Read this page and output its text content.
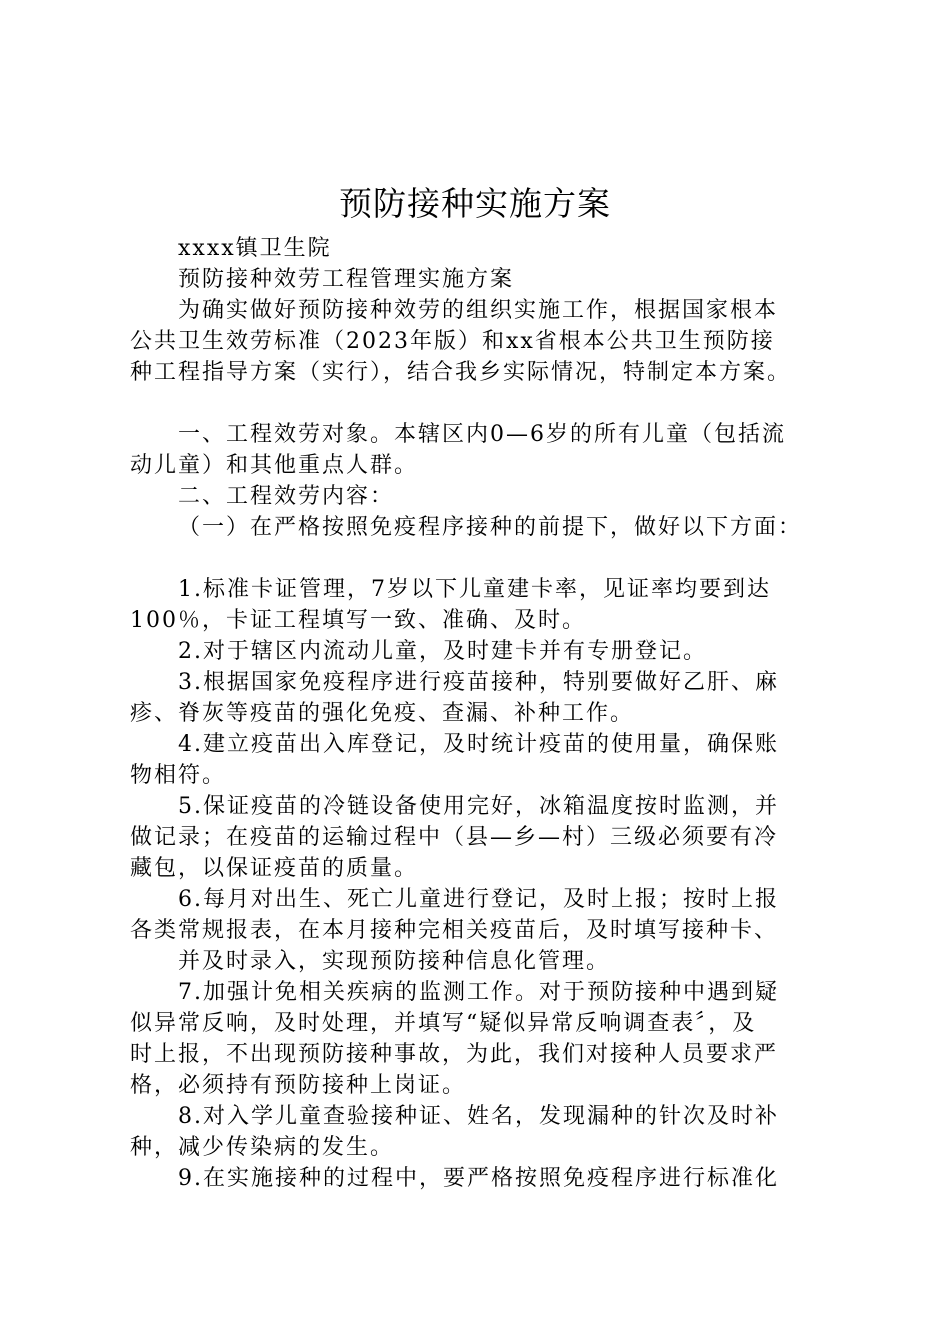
预防接种实施方案

xxxx镇卫生院

预防接种效劳工程管理实施方案

为确实做好预防接种效劳的组织实施工作，根据国家根本
公共卫生效劳标准（2023年版）和xx省根本公共卫生预防接
种工程指导方案（实行），结合我乡实际情况，特制定本方案。

一、工程效劳对象。本辖区内0—6岁的所有儿童（包括流
动儿童）和其他重点人群。

二、工程效劳内容：

（一）在严格按照免疫程序接种的前提下，做好以下方面：

1.标准卡证管理，7岁以下儿童建卡率，见证率均要到达
100％，卡证工程填写一致、准确、及时。

2.对于辖区内流动儿童，及时建卡并有专册登记。

3.根据国家免疫程序进行疫苗接种，特别要做好乙肝、麻
疹、脊灰等疫苗的强化免疫、查漏、补种工作。

4.建立疫苗出入库登记，及时统计疫苗的使用量，确保账
物相符。

5.保证疫苗的冷链设备使用完好，冰箱温度按时监测，并
做记录；在疫苗的运输过程中（县—乡—村）三级必须要有冷
藏包，以保证疫苗的质量。

6.每月对出生、死亡儿童进行登记，及时上报；按时上报
各类常规报表，在本月接种完相关疫苗后，及时填写接种卡、
并及时录入，实现预防接种信息化管理。

7.加强计免相关疾病的监测工作。对于预防接种中遇到疑
似异常反响，及时处理，并填写“疑似异常反响调查表〞，及
时上报，不出现预防接种事故，为此，我们对接种人员要求严
格，必须持有预防接种上岗证。

8.对入学儿童查验接种证、姓名，发现漏种的针次及时补
种，减少传染病的发生。

9.在实施接种的过程中，要严格按照免疫程序进行标准化
